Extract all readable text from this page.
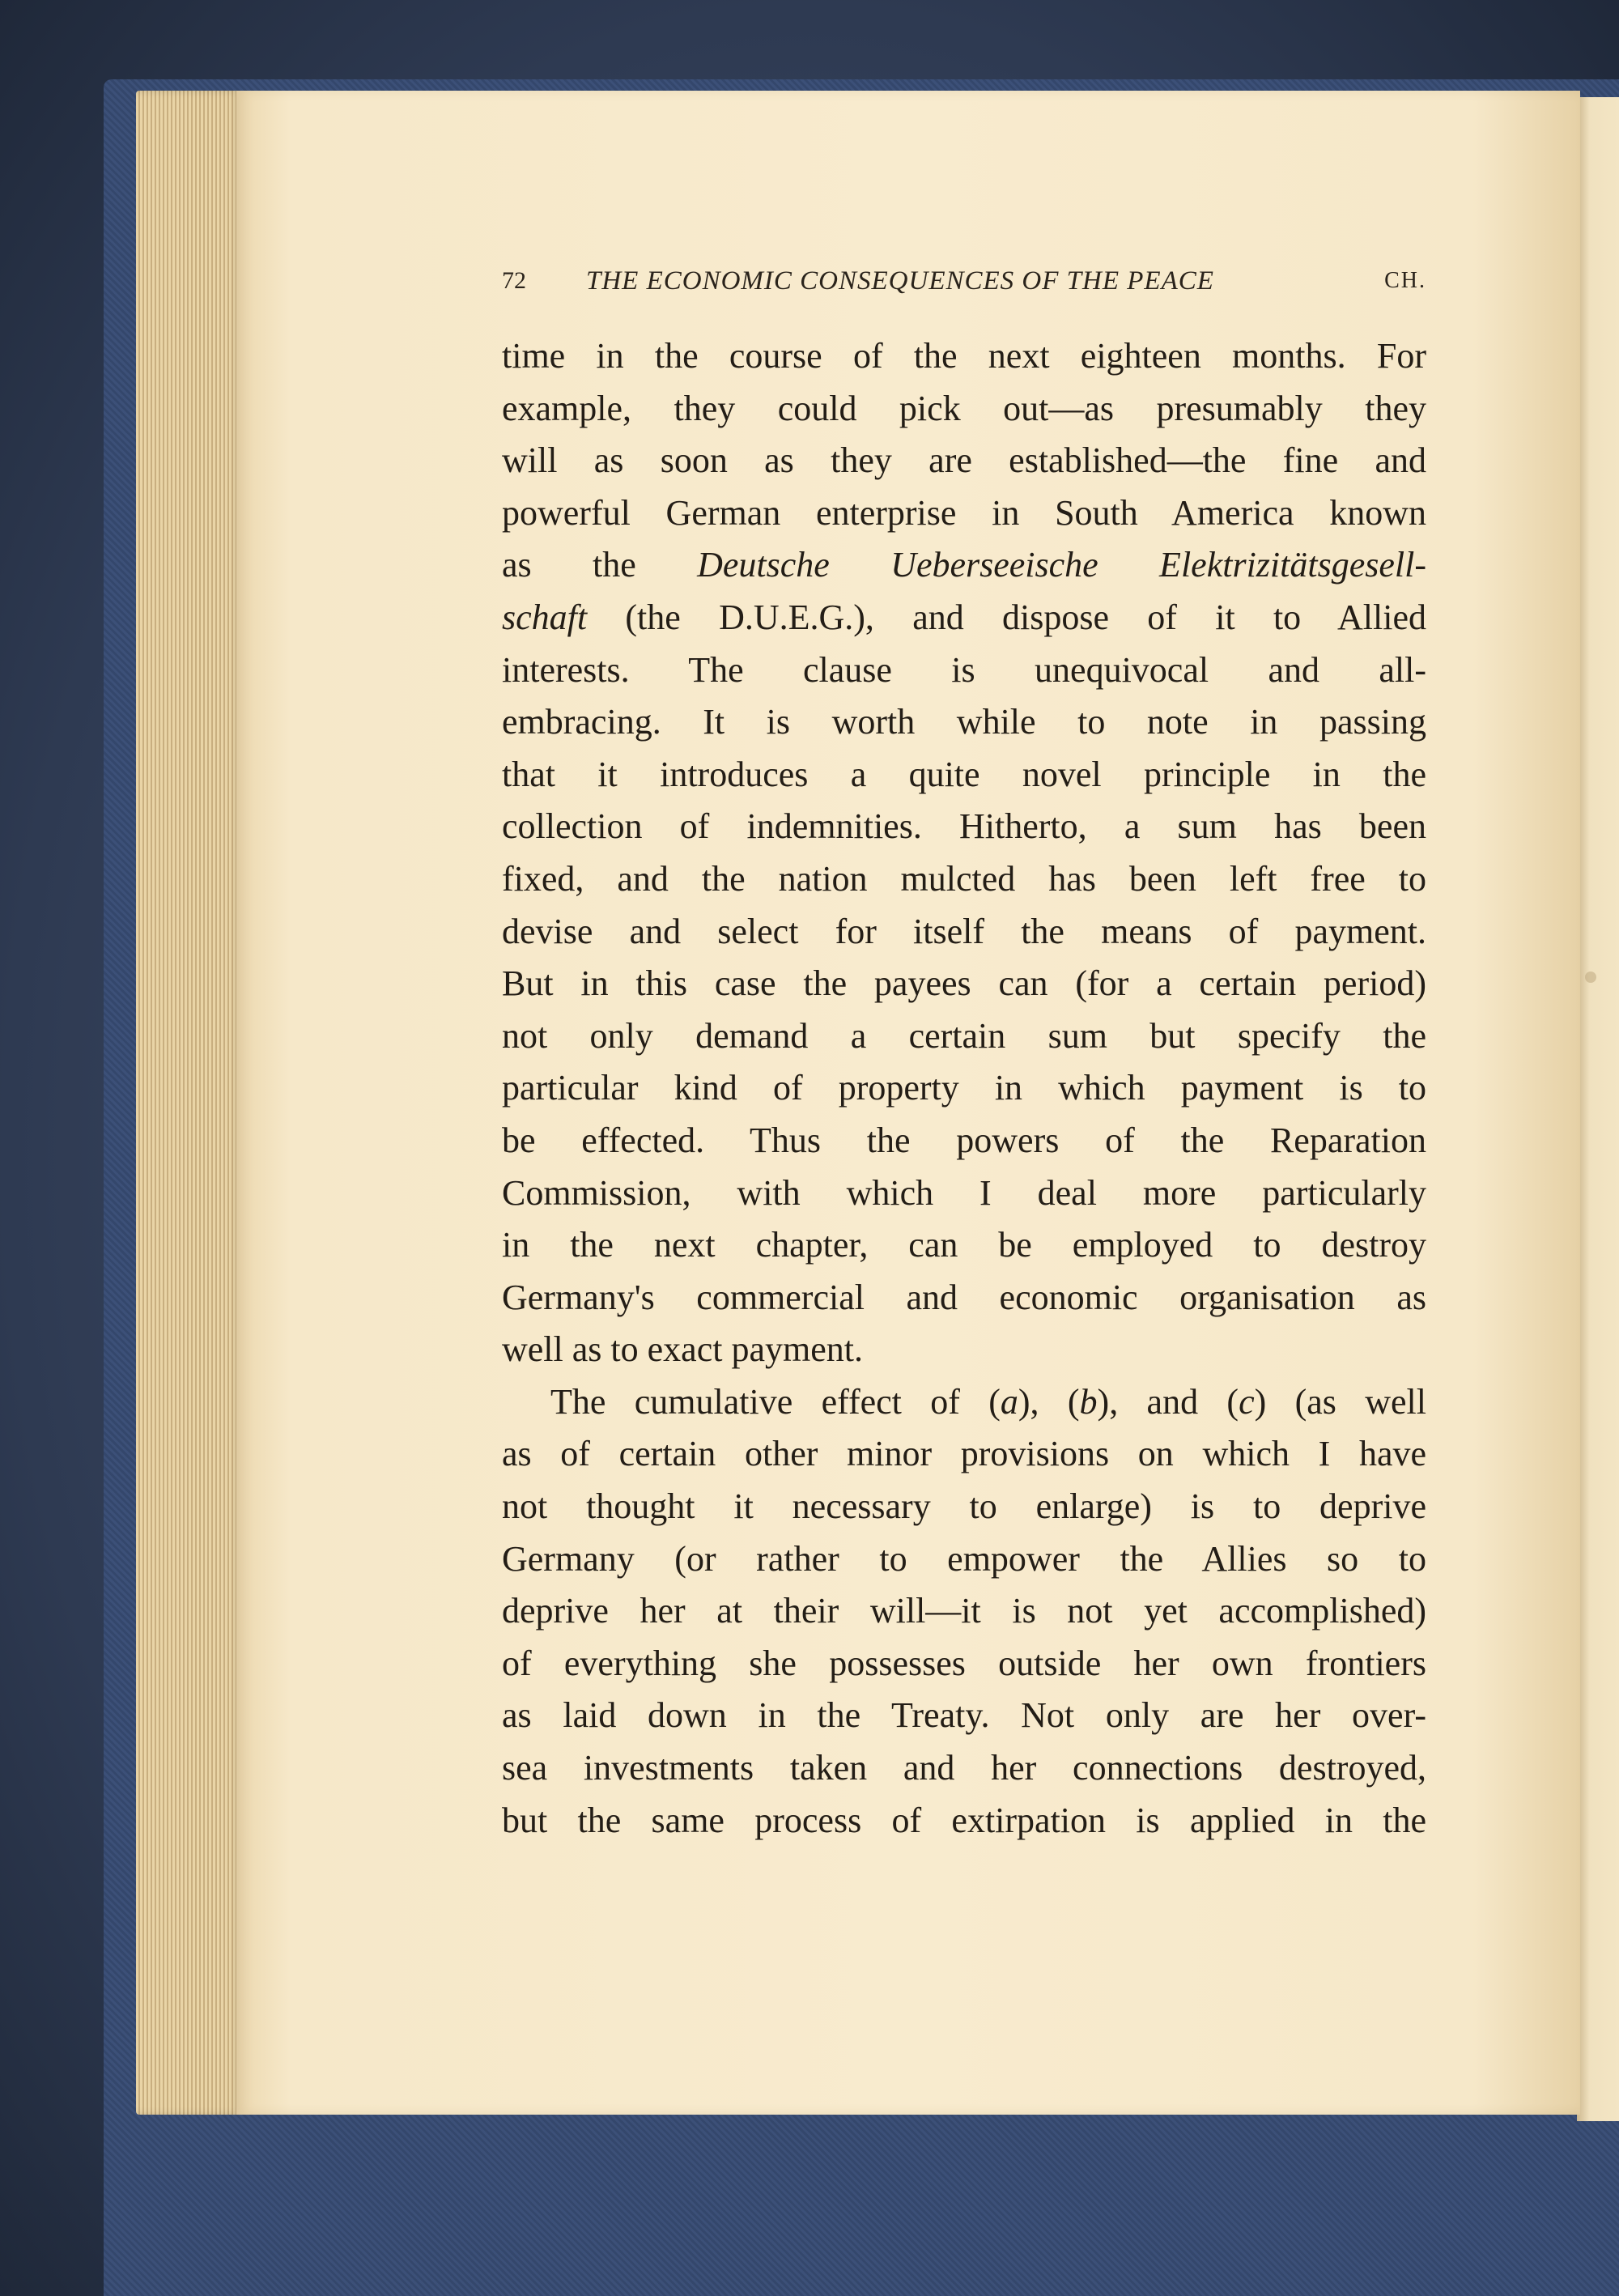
72 THE ECONOMIC CONSEQUENCES OF THE PEACE	CH.
time in the course of the next eighteen months. For
example, they could pick out—as presumably they
will as soon as they are established—the fine and
powerful German enterprise in South America known
as the Deutsche Ueberseeische Elektrizitätsgesell-
schaft (the D.U.E.G.), and dispose of it to Allied
interests. The clause is unequivocal and all-
embracing. It is worth while to note in passing
that it introduces a quite novel principle in the
collection of indemnities. Hitherto, a sum has been
fixed, and the nation mulcted has been left free to
devise and select for itself the means of payment.
But in this case the payees can (for a certain period)
not only demand a certain sum but specify the
particular kind of property in which payment is to
be effected. Thus the powers of the Reparation
Commission, with which I deal more particularly
in the next chapter, can be employed to destroy
Germany's commercial and economic organisation as
well as to exact payment.
The cumulative effect of (a), (b), and (c) (as well
as of certain other minor provisions on which I have
not thought it necessary to enlarge) is to deprive
Germany (or rather to empower the Allies so to
deprive her at their will—it is not yet accomplished)
of everything she possesses outside her own frontiers
as laid down in the Treaty. Not only are her over-
sea investments taken and her connections destroyed,
but the same process of extirpation is applied in the
